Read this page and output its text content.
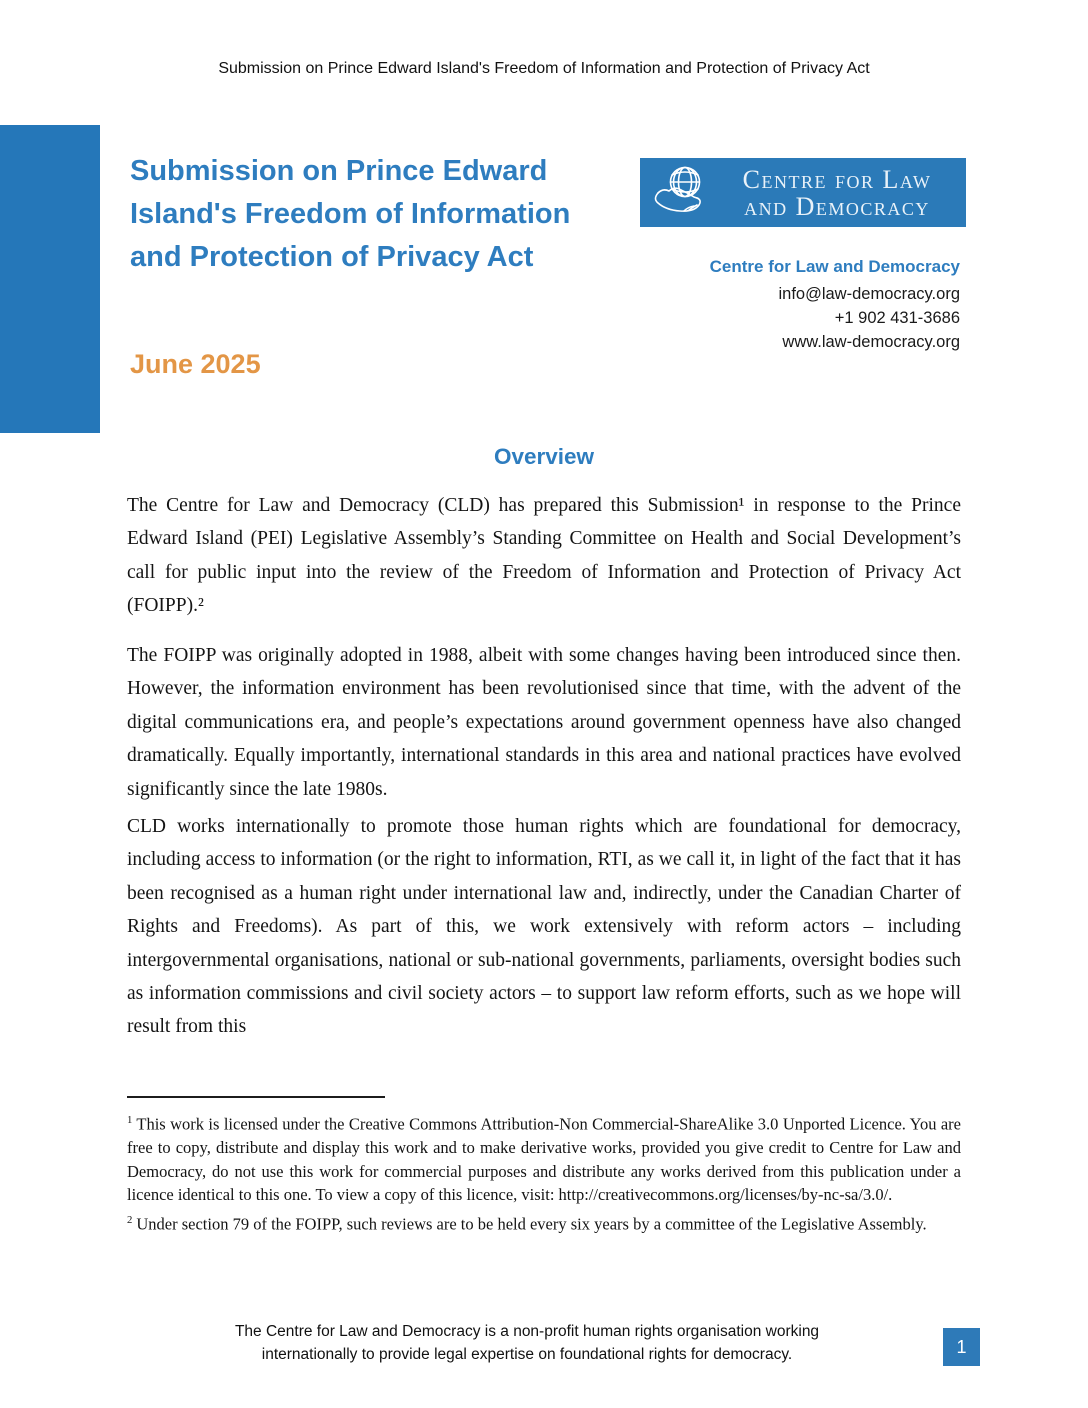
Submission on Prince Edward Island's Freedom of Information and Protection of Privacy Act
Submission on Prince Edward Island's Freedom of Information and Protection of Privacy Act
June 2025
Centre for Law
and Democracy
Centre for Law and Democracy
info@law-democracy.org
+1 902 431-3686
www.law-democracy.org
Overview

The Centre for Law and Democracy (CLD) has prepared this Submission¹ in response to the Prince Edward Island (PEI) Legislative Assembly’s Standing Committee on Health and Social Development’s call for public input into the review of the Freedom of Information and Protection of Privacy Act (FOIPP).²

The FOIPP was originally adopted in 1988, albeit with some changes having been introduced since then. However, the information environment has been revolutionised since that time, with the advent of the digital communications era, and people’s expectations around government openness have also changed dramatically. Equally importantly, international standards in this area and national practices have evolved significantly since the late 1980s.

CLD works internationally to promote those human rights which are foundational for democracy, including access to information (or the right to information, RTI, as we call it, in light of the fact that it has been recognised as a human right under international law and, indirectly, under the Canadian Charter of Rights and Freedoms). As part of this, we work extensively with reform actors – including intergovernmental organisations, national or sub-national governments, parliaments, oversight bodies such as information commissions and civil society actors – to support law reform efforts, such as we hope will result from this

$^1$ This work is licensed under the Creative Commons Attribution-Non Commercial-ShareAlike 3.0 Unported Licence. You are free to copy, distribute and display this work and to make derivative works, provided you give credit to Centre for Law and Democracy, do not use this work for commercial purposes and distribute any works derived from this publication under a licence identical to this one. To view a copy of this licence, visit: http://creativecommons.org/licenses/by-nc-sa/3.0/.

$^2$ Under section 79 of the FOIPP, such reviews are to be held every six years by a committee of the Legislative Assembly.

The Centre for Law and Democracy is a non-profit human rights organisation working internationally to provide legal expertise on foundational rights for democracy.	1
